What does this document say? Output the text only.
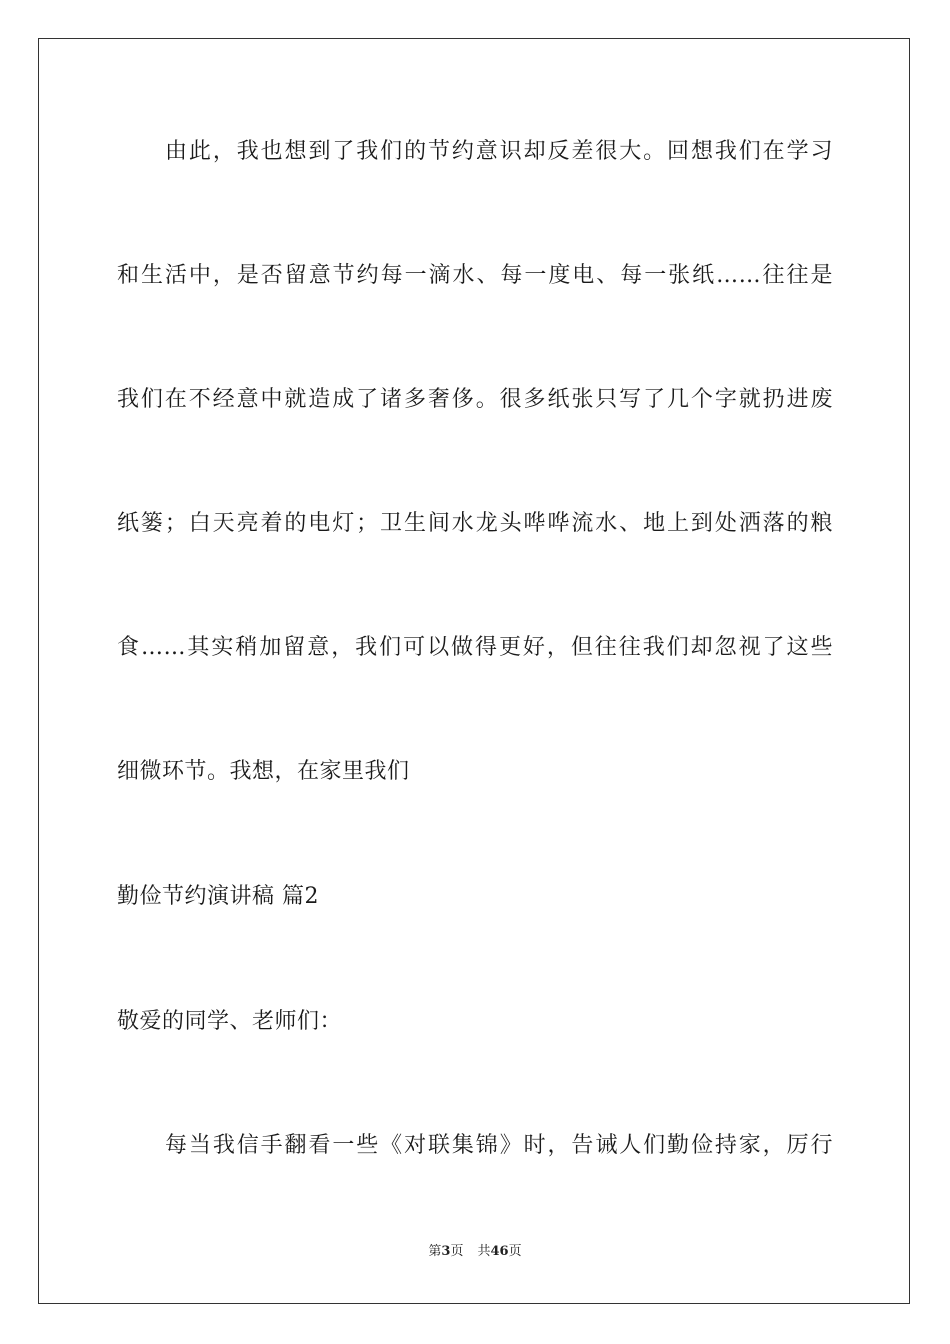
由此，我也想到了我们的节约意识却反差很大。回想我们在学习
和生活中，是否留意节约每一滴水、每一度电、每一张纸……往往是
我们在不经意中就造成了诸多奢侈。很多纸张只写了几个字就扔进废
纸篓；白天亮着的电灯；卫生间水龙头哗哗流水、地上到处洒落的粮
食……其实稍加留意，我们可以做得更好，但往往我们却忽视了这些
细微环节。我想，在家里我们
勤俭节约演讲稿 篇2
敬爱的同学、老师们：
每当我信手翻看一些《对联集锦》时，告诫人们勤俭持家，厉行
第3页 共46页
